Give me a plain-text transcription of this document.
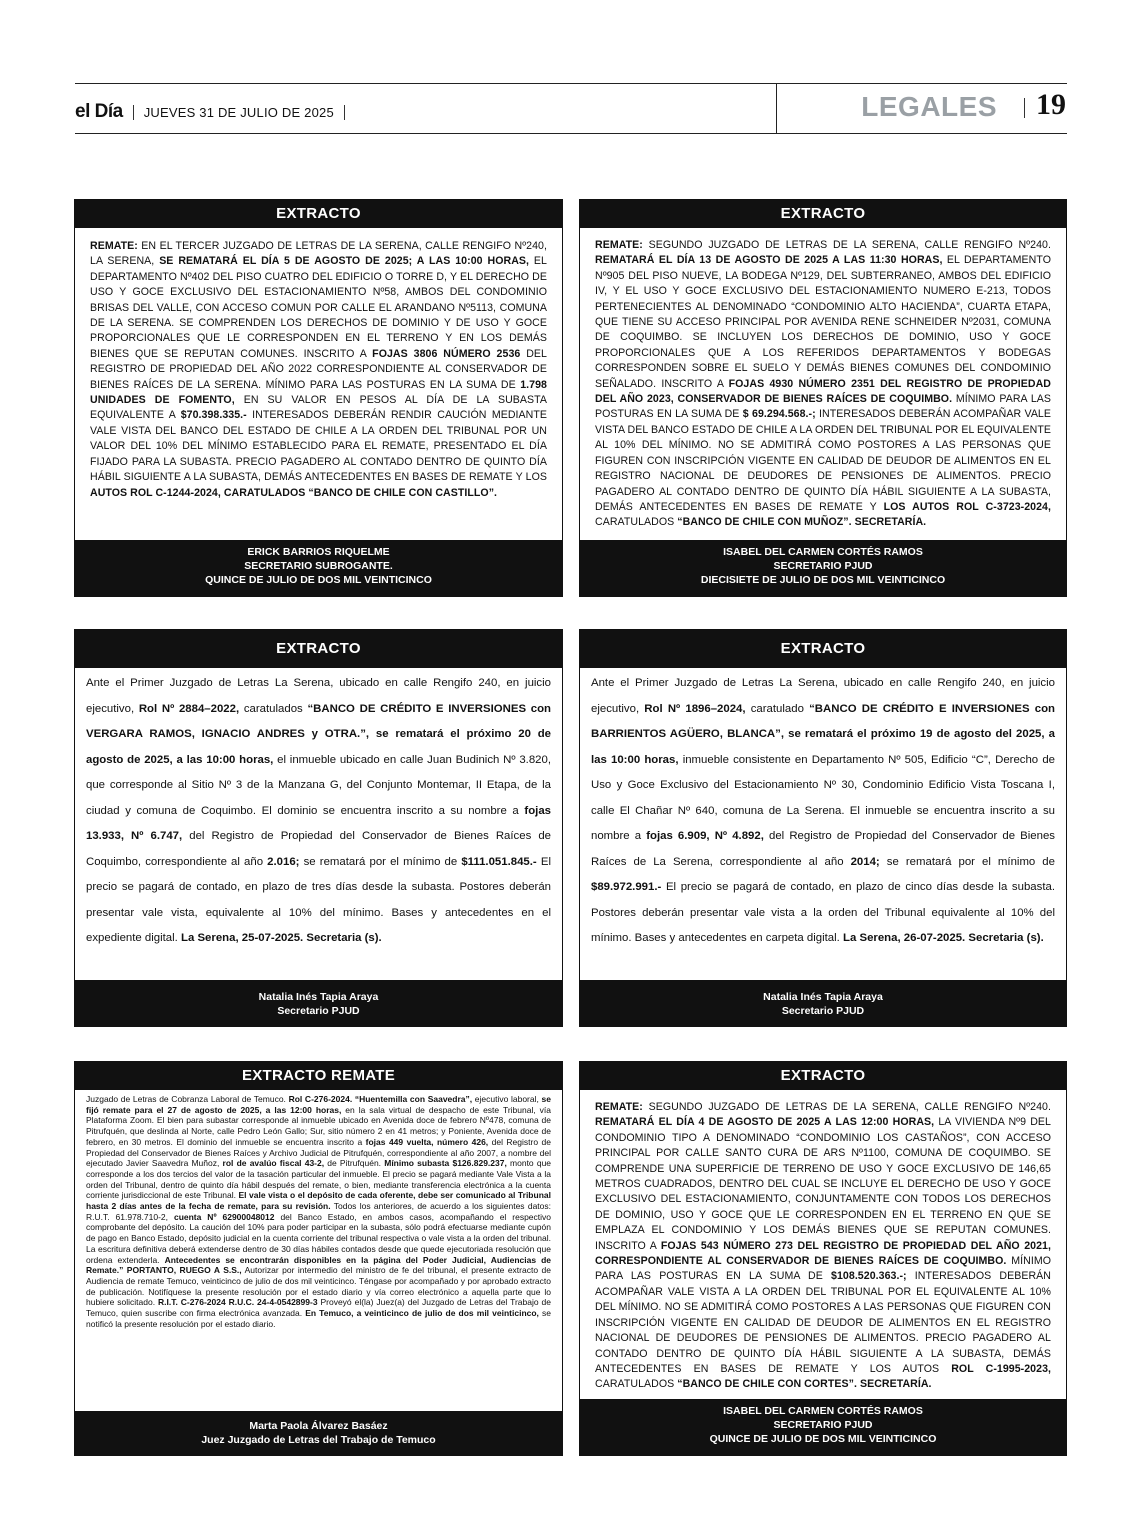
el Día JUEVES 31 DE JULIO DE 2025	LEGALES 19
EXTRACTO
REMATE: EN EL TERCER JUZGADO DE LETRAS DE LA SERENA, CALLE RENGIFO Nº240, LA SERENA, SE REMATARÁ EL DÍA 5 DE AGOSTO DE 2025; A LAS 10:00 HORAS, EL DEPARTAMENTO Nº402 DEL PISO CUATRO DEL EDIFICIO O TORRE D, Y EL DERECHO DE USO Y GOCE EXCLUSIVO DEL ESTACIONAMIENTO Nº58, AMBOS DEL CONDOMINIO BRISAS DEL VALLE, CON ACCESO COMUN POR CALLE EL ARANDANO Nº5113, COMUNA DE LA SERENA. SE COMPRENDEN LOS DERECHOS DE DOMINIO Y DE USO Y GOCE PROPORCIONALES QUE LE CORRESPONDEN EN EL TERRENO Y EN LOS DEMÁS BIENES QUE SE REPUTAN COMUNES. INSCRITO A FOJAS 3806 NÚMERO 2536 DEL REGISTRO DE PROPIEDAD DEL AÑO 2022 CORRESPONDIENTE AL CONSERVADOR DE BIENES RAÍCES DE LA SERENA. MÍNIMO PARA LAS POSTURAS EN LA SUMA DE 1.798 UNIDADES DE FOMENTO, EN SU VALOR EN PESOS AL DÍA DE LA SUBASTA EQUIVALENTE A $70.398.335.- INTERESADOS DEBERÁN RENDIR CAUCIÓN MEDIANTE VALE VISTA DEL BANCO DEL ESTADO DE CHILE A LA ORDEN DEL TRIBUNAL POR UN VALOR DEL 10% DEL MÍNIMO ESTABLECIDO PARA EL REMATE, PRESENTADO EL DÍA FIJADO PARA LA SUBASTA. PRECIO PAGADERO AL CONTADO DENTRO DE QUINTO DÍA HÁBIL SIGUIENTE A LA SUBASTA, DEMÁS ANTECEDENTES EN BASES DE REMATE Y LOS AUTOS ROL C-1244-2024, CARATULADOS “BANCO DE CHILE CON CASTILLO”.
ERICK BARRIOS RIQUELME
SECRETARIO SUBROGANTE.
QUINCE DE JULIO DE DOS MIL VEINTICINCO
EXTRACTO
REMATE: SEGUNDO JUZGADO DE LETRAS DE LA SERENA, CALLE RENGIFO Nº240. REMATARÁ EL DÍA 13 DE AGOSTO DE 2025 A LAS 11:30 HORAS, EL DEPARTAMENTO Nº905 DEL PISO NUEVE, LA BODEGA Nº129, DEL SUBTERRANEO, AMBOS DEL EDIFICIO IV, Y EL USO Y GOCE EXCLUSIVO DEL ESTACIONAMIENTO NUMERO E-213, TODOS PERTENECIENTES AL DENOMINADO “CONDOMINIO ALTO HACIENDA”, CUARTA ETAPA, QUE TIENE SU ACCESO PRINCIPAL POR AVENIDA RENE SCHNEIDER Nº2031, COMUNA DE COQUIMBO. SE INCLUYEN LOS DERECHOS DE DOMINIO, USO Y GOCE PROPORCIONALES QUE A LOS REFERIDOS DEPARTAMENTOS Y BODEGAS CORRESPONDEN SOBRE EL SUELO Y DEMÁS BIENES COMUNES DEL CONDOMINIO SEÑALADO. INSCRITO A FOJAS 4930 NÚMERO 2351 DEL REGISTRO DE PROPIEDAD DEL AÑO 2023, CONSERVADOR DE BIENES RAÍCES DE COQUIMBO. MÍNIMO PARA LAS POSTURAS EN LA SUMA DE $ 69.294.568.-; INTERESADOS DEBERÁN ACOMPAÑAR VALE VISTA DEL BANCO ESTADO DE CHILE A LA ORDEN DEL TRIBUNAL POR EL EQUIVALENTE AL 10% DEL MÍNIMO. NO SE ADMITIRÁ COMO POSTORES A LAS PERSONAS QUE FIGUREN CON INSCRIPCIÓN VIGENTE EN CALIDAD DE DEUDOR DE ALIMENTOS EN EL REGISTRO NACIONAL DE DEUDORES DE PENSIONES DE ALIMENTOS. PRECIO PAGADERO AL CONTADO DENTRO DE QUINTO DÍA HÁBIL SIGUIENTE A LA SUBASTA, DEMÁS ANTECEDENTES EN BASES DE REMATE Y LOS AUTOS ROL C-3723-2024, CARATULADOS “BANCO DE CHILE CON MUÑOZ”. SECRETARÍA.
ISABEL DEL CARMEN CORTÉS RAMOS
SECRETARIO PJUD
DIECISIETE DE JULIO DE DOS MIL VEINTICINCO
EXTRACTO
Ante el Primer Juzgado de Letras La Serena, ubicado en calle Rengifo 240, en juicio ejecutivo, Rol Nº 2884–2022, caratulados “BANCO DE CRÉDITO E INVERSIONES con VERGARA RAMOS, IGNACIO ANDRES y OTRA.”, se rematará el próximo 20 de agosto de 2025, a las 10:00 horas, el inmueble ubicado en calle Juan Budinich Nº 3.820, que corresponde al Sitio Nº 3 de la Manzana G, del Conjunto Montemar, II Etapa, de la ciudad y comuna de Coquimbo. El dominio se encuentra inscrito a su nombre a fojas 13.933, Nº 6.747, del Registro de Propiedad del Conservador de Bienes Raíces de Coquimbo, correspondiente al año 2.016; se rematará por el mínimo de $111.051.845.- El precio se pagará de contado, en plazo de tres días desde la subasta. Postores deberán presentar vale vista, equivalente al 10% del mínimo. Bases y antecedentes en el expediente digital. La Serena, 25-07-2025. Secretaria (s).
Natalia Inés Tapia Araya
Secretario PJUD
EXTRACTO
Ante el Primer Juzgado de Letras La Serena, ubicado en calle Rengifo 240, en juicio ejecutivo, Rol Nº 1896–2024, caratulado “BANCO DE CRÉDITO E INVERSIONES con BARRIENTOS AGÜERO, BLANCA”, se rematará el próximo 19 de agosto del 2025, a las 10:00 horas, inmueble consistente en Departamento Nº 505, Edificio “C”, Derecho de Uso y Goce Exclusivo del Estacionamiento Nº 30, Condominio Edificio Vista Toscana I, calle El Chañar Nº 640, comuna de La Serena. El inmueble se encuentra inscrito a su nombre a fojas 6.909, Nº 4.892, del Registro de Propiedad del Conservador de Bienes Raíces de La Serena, correspondiente al año 2014; se rematará por el mínimo de $89.972.991.- El precio se pagará de contado, en plazo de cinco días desde la subasta. Postores deberán presentar vale vista a la orden del Tribunal equivalente al 10% del mínimo. Bases y antecedentes en carpeta digital. La Serena, 26-07-2025. Secretaria (s).
Natalia Inés Tapia Araya
Secretario PJUD
EXTRACTO REMATE
Juzgado de Letras de Cobranza Laboral de Temuco. Rol C-276-2024. “Huentemilla con Saavedra”, ejecutivo laboral, se fijó remate para el 27 de agosto de 2025, a las 12:00 horas, en la sala virtual de despacho de este Tribunal, vía Plataforma Zoom. El bien para subastar corresponde al inmueble ubicado en Avenida doce de febrero Nº478, comuna de Pitrufquén, que deslinda al Norte, calle Pedro León Gallo; Sur, sitio número 2 en 41 metros; y Poniente, Avenida doce de febrero, en 30 metros. El dominio del inmueble se encuentra inscrito a fojas 449 vuelta, número 426, del Registro de Propiedad del Conservador de Bienes Raíces y Archivo Judicial de Pitrufquén, correspondiente al año 2007, a nombre del ejecutado Javier Saavedra Muñoz, rol de avalúo fiscal 43-2, de Pitrufquén. Mínimo subasta $126.829.237, monto que corresponde a los dos tercios del valor de la tasación particular del inmueble. El precio se pagará mediante Vale Vista a la orden del Tribunal, dentro de quinto día hábil después del remate, o bien, mediante transferencia electrónica a la cuenta corriente jurisdiccional de este Tribunal. El vale vista o el depósito de cada oferente, debe ser comunicado al Tribunal hasta 2 días antes de la fecha de remate, para su revisión. Todos los anteriores, de acuerdo a los siguientes datos: R.U.T. 61.978.710-2, cuenta Nº 62900048012 del Banco Estado, en ambos casos, acompañando el respectivo comprobante del depósito. La caución del 10% para poder participar en la subasta, sólo podrá efectuarse mediante cupón de pago en Banco Estado, depósito judicial en la cuenta corriente del tribunal respectiva o vale vista a la orden del tribunal. La escritura definitiva deberá extenderse dentro de 30 días hábiles contados desde que quede ejecutoriada resolución que ordena extenderla. Antecedentes se encontrarán disponibles en la página del Poder Judicial, Audiencias de Remate.” PORTANTO, RUEGO A S.S., Autorizar por intermedio del ministro de fe del tribunal, el presente extracto de Audiencia de remate Temuco, veinticinco de julio de dos mil veinticinco. Téngase por acompañado y por aprobado extracto de publicación. Notifíquese la presente resolución por el estado diario y vía correo electrónico a aquella parte que lo hubiere solicitado. R.I.T. C-276-2024 R.U.C. 24-4-0542899-3 Proveyó el(la) Juez(a) del Juzgado de Letras del Trabajo de Temuco, quien suscribe con firma electrónica avanzada. En Temuco, a veinticinco de julio de dos mil veinticinco, se notificó la presente resolución por el estado diario.
Marta Paola Álvarez Basáez
Juez Juzgado de Letras del Trabajo de Temuco
EXTRACTO
REMATE: SEGUNDO JUZGADO DE LETRAS DE LA SERENA, CALLE RENGIFO Nº240. REMATARÁ EL DÍA 4 DE AGOSTO DE 2025 A LAS 12:00 HORAS, LA VIVIENDA Nº9 DEL CONDOMINIO TIPO A DENOMINADO “CONDOMINIO LOS CASTAÑOS”, CON ACCESO PRINCIPAL POR CALLE SANTO CURA DE ARS Nº1100, COMUNA DE COQUIMBO. SE COMPRENDE UNA SUPERFICIE DE TERRENO DE USO Y GOCE EXCLUSIVO DE 146,65 METROS CUADRADOS, DENTRO DEL CUAL SE INCLUYE EL DERECHO DE USO Y GOCE EXCLUSIVO DEL ESTACIONAMIENTO, CONJUNTAMENTE CON TODOS LOS DERECHOS DE DOMINIO, USO Y GOCE QUE LE CORRESPONDEN EN EL TERRENO EN QUE SE EMPLAZA EL CONDOMINIO Y LOS DEMÁS BIENES QUE SE REPUTAN COMUNES. INSCRITO A FOJAS 543 NÚMERO 273 DEL REGISTRO DE PROPIEDAD DEL AÑO 2021, CORRESPONDIENTE AL CONSERVADOR DE BIENES RAÍCES DE COQUIMBO. MÍNIMO PARA LAS POSTURAS EN LA SUMA DE $108.520.363.-; INTERESADOS DEBERÁN ACOMPAÑAR VALE VISTA A LA ORDEN DEL TRIBUNAL POR EL EQUIVALENTE AL 10% DEL MÍNIMO. NO SE ADMITIRÁ COMO POSTORES A LAS PERSONAS QUE FIGUREN CON INSCRIPCIÓN VIGENTE EN CALIDAD DE DEUDOR DE ALIMENTOS EN EL REGISTRO NACIONAL DE DEUDORES DE PENSIONES DE ALIMENTOS. PRECIO PAGADERO AL CONTADO DENTRO DE QUINTO DÍA HÁBIL SIGUIENTE A LA SUBASTA, DEMÁS ANTECEDENTES EN BASES DE REMATE Y LOS AUTOS ROL C-1995-2023, CARATULADOS “BANCO DE CHILE CON CORTES”. SECRETARÍA.
ISABEL DEL CARMEN CORTÉS RAMOS
SECRETARIO PJUD
QUINCE DE JULIO DE DOS MIL VEINTICINCO
